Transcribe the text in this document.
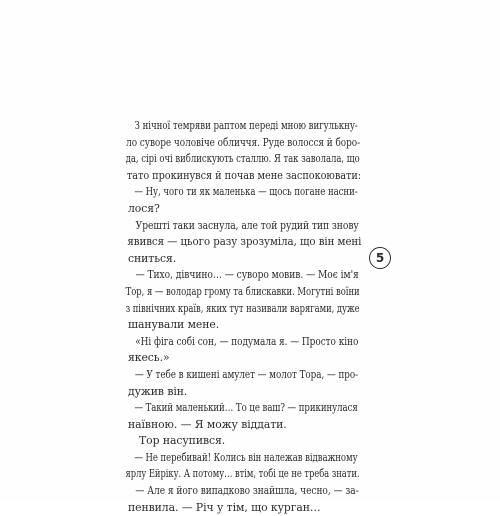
З нічної темряви раптом переді мною вигулькну-
ло суворе чоловіче обличчя. Руде волосся й боро-
да, сірі очі виблискують сталлю. Я так заволала, що
тато прокинувся й почав мене заспокоювати:
— Ну, чого ти як маленька — щось погане насни-
лося?
Урешті таки заснула, але той рудий тип знову
явився — цього разу зрозуміла, що він мені
сниться.
— Тихо, дівчино… — суворо мовив. — Моє ім'я
Тор, я — володар грому та блискавки. Могутні воїни
з північних країв, яких тут називали варягами, дуже
шанували мене.
«Ні фіга собі сон, — подумала я. — Просто кіно
якесь.»
— У тебе в кишені амулет — молот Тора, — про-
дужив він.
— Такий маленький… То це ваш? — прикинулася
наївною. — Я можу віддати.
Тор насупився.
— Не перебивай! Колись він належав відважному
ярлу Ейріку. А потому… втім, тобі це не треба знати.
— Але я його випадково знайшла, чесно, — за-
пенвила. — Річ у тім, що курган…
5
